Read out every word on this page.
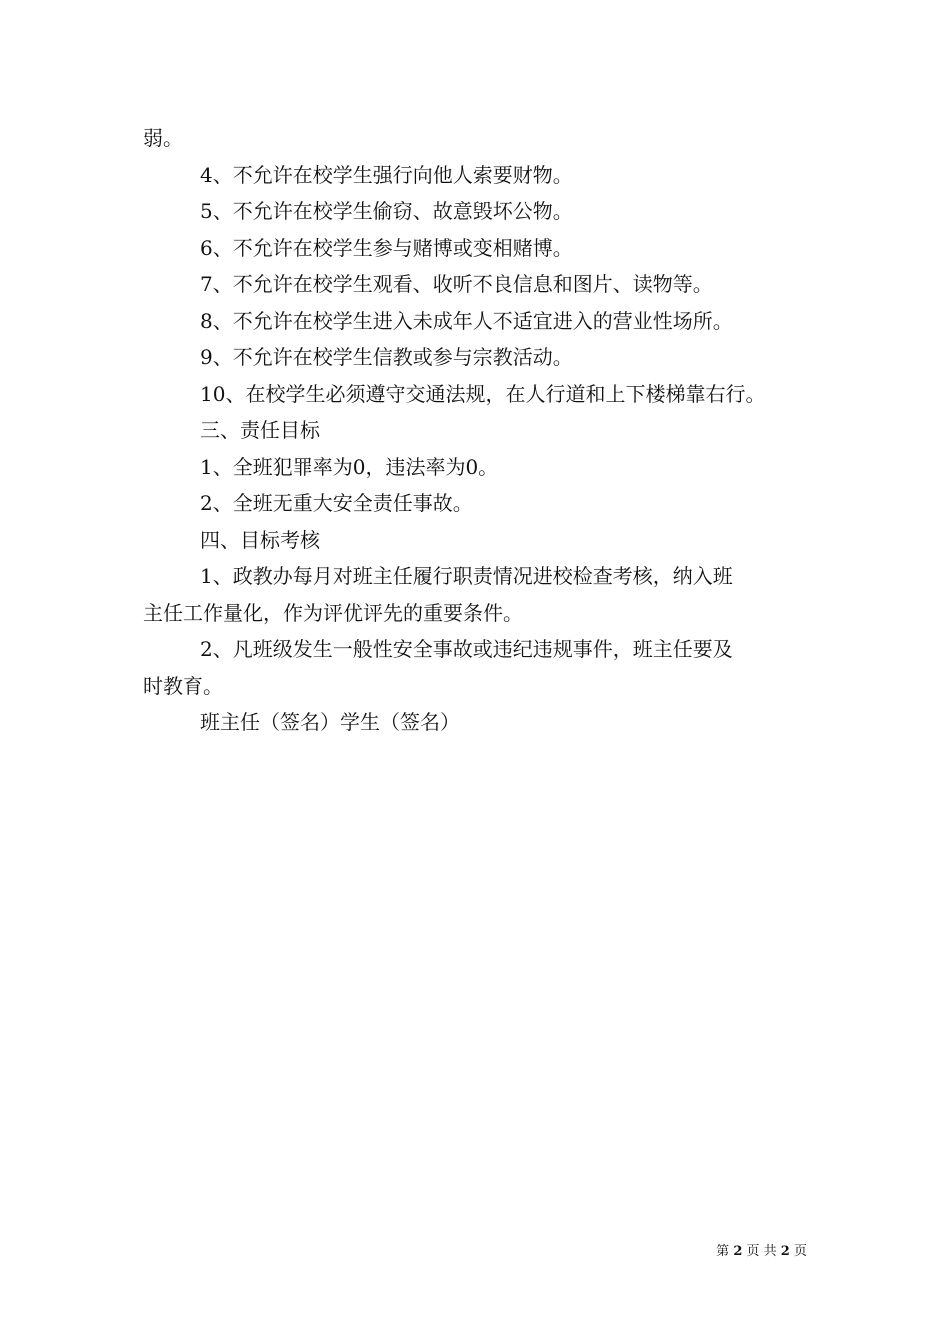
弱。
4、不允许在校学生强行向他人索要财物。
5、不允许在校学生偷窃、故意毁坏公物。
6、不允许在校学生参与赌博或变相赌博。
7、不允许在校学生观看、收听不良信息和图片、读物等。
8、不允许在校学生进入未成年人不适宜进入的营业性场所。
9、不允许在校学生信教或参与宗教活动。
10、在校学生必须遵守交通法规，在人行道和上下楼梯靠右行。
三、责任目标
1、全班犯罪率为0，违法率为0。
2、全班无重大安全责任事故。
四、目标考核
1、政教办每月对班主任履行职责情况进校检查考核，纳入班
主任工作量化，作为评优评先的重要条件。
2、凡班级发生一般性安全事故或违纪违规事件，班主任要及
时教育。
班主任（签名）学生（签名）
第 2 页 共 2 页
